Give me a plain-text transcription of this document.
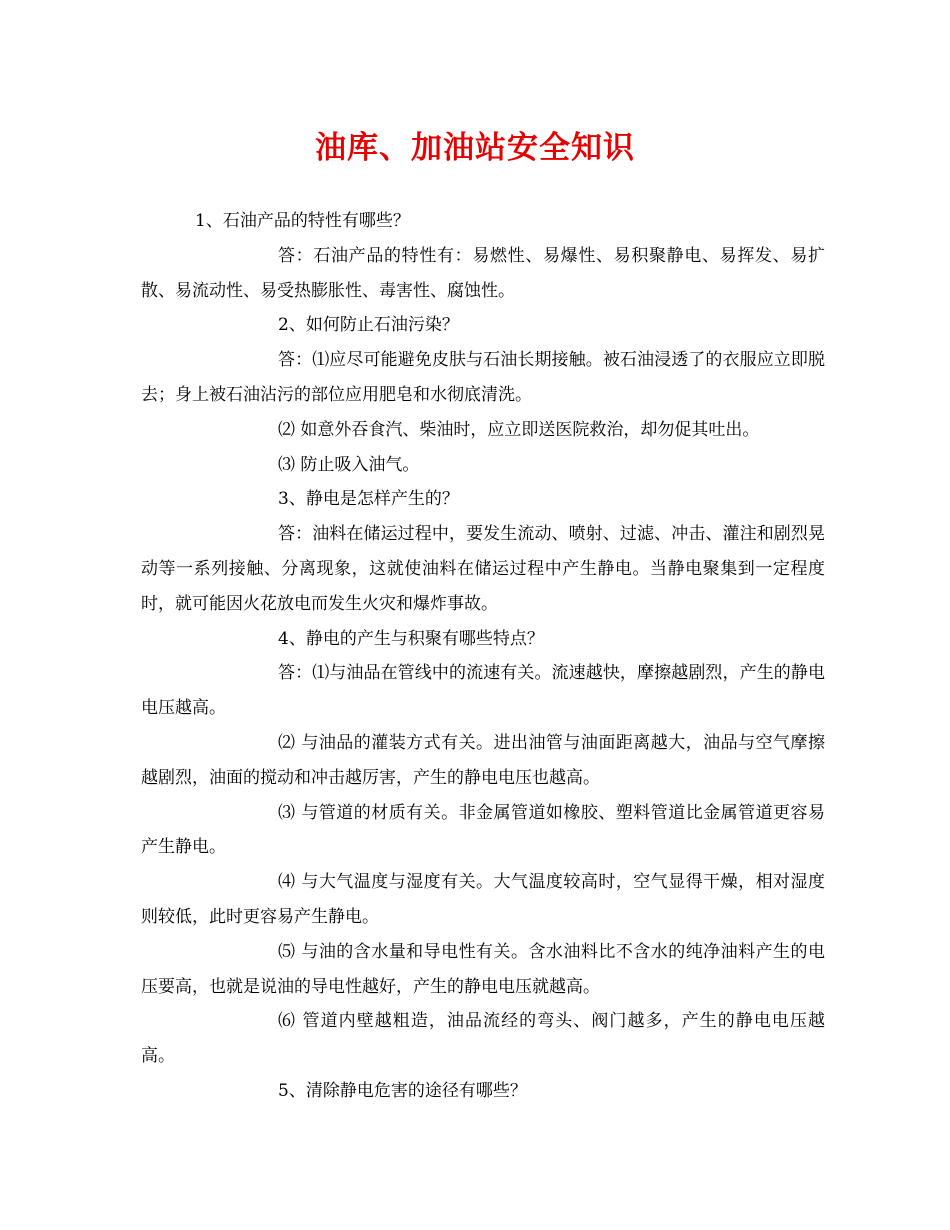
油库、加油站安全知识

1、石油产品的特性有哪些？

答：石油产品的特性有：易燃性、易爆性、易积聚静电、易挥发、易扩散、易流动性、易受热膨胀性、毒害性、腐蚀性。

2、如何防止石油污染？

答：⑴应尽可能避免皮肤与石油长期接触。被石油浸透了的衣服应立即脱去；身上被石油沾污的部位应用肥皂和水彻底清洗。

⑵ 如意外吞食汽、柴油时，应立即送医院救治，却勿促其吐出。

⑶ 防止吸入油气。

3、静电是怎样产生的？

答：油料在储运过程中，要发生流动、喷射、过滤、冲击、灌注和剧烈晃动等一系列接触、分离现象，这就使油料在储运过程中产生静电。当静电聚集到一定程度时，就可能因火花放电而发生火灾和爆炸事故。

4、静电的产生与积聚有哪些特点？

答：⑴与油品在管线中的流速有关。流速越快，摩擦越剧烈，产生的静电电压越高。

⑵ 与油品的灌装方式有关。进出油管与油面距离越大，油品与空气摩擦越剧烈，油面的搅动和冲击越厉害，产生的静电电压也越高。

⑶ 与管道的材质有关。非金属管道如橡胶、塑料管道比金属管道更容易产生静电。

⑷ 与大气温度与湿度有关。大气温度较高时，空气显得干燥，相对湿度则较低，此时更容易产生静电。

⑸ 与油的含水量和导电性有关。含水油料比不含水的纯净油料产生的电压要高，也就是说油的导电性越好，产生的静电电压就越高。

⑹ 管道内壁越粗造，油品流经的弯头、阀门越多，产生的静电电压越高。

5、清除静电危害的途径有哪些？
